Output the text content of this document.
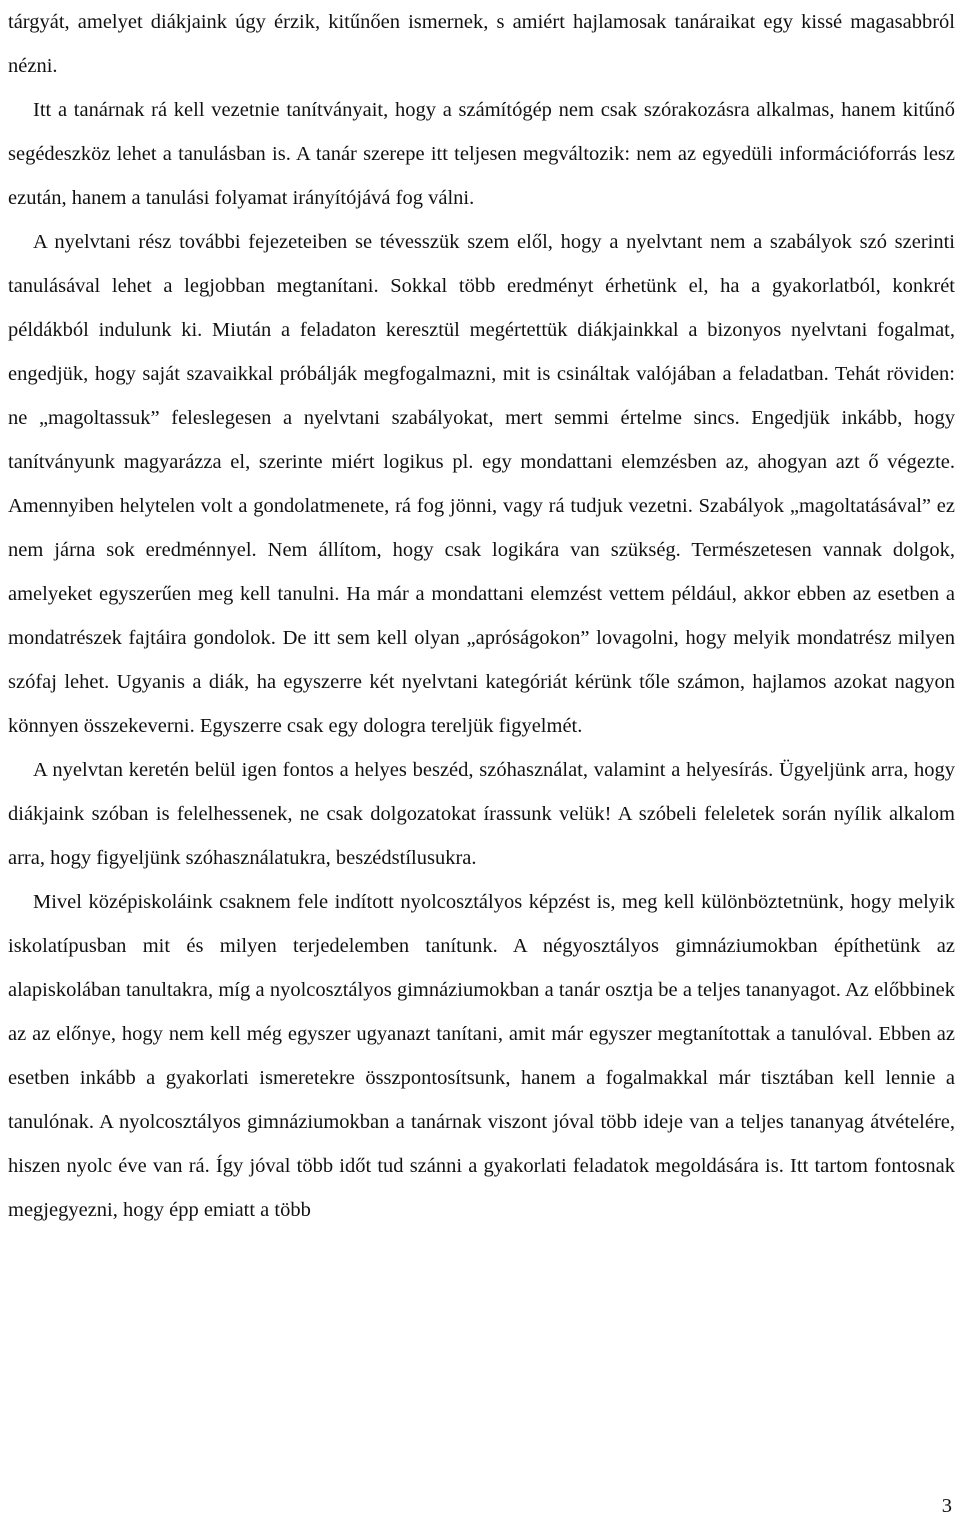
tárgyát, amelyet diákjaink úgy érzik, kitűnően ismernek, s amiért hajlamosak tanáraikat egy kissé magasabbról nézni.

Itt a tanárnak rá kell vezetnie tanítványait, hogy a számítógép nem csak szórakozásra alkalmas, hanem kitűnő segédeszköz lehet a tanulásban is. A tanár szerepe itt teljesen megváltozik: nem az egyedüli információforrás lesz ezután, hanem a tanulási folyamat irányítójává fog válni.

A nyelvtani rész további fejezeteiben se tévesszük szem elől, hogy a nyelvtant nem a szabályok szó szerinti tanulásával lehet a legjobban megtanítani. Sokkal több eredményt érhetünk el, ha a gyakorlatból, konkrét példákból indulunk ki. Miután a feladaton keresztül megértettük diákjainkkal a bizonyos nyelvtani fogalmat, engedjük, hogy saját szavaikkal próbálják megfogalmazni, mit is csináltak valójában a feladatban. Tehát röviden: ne „magoltassuk” feleslegesen a nyelvtani szabályokat, mert semmi értelme sincs. Engedjük inkább, hogy tanítványunk magyarázza el, szerinte miért logikus pl. egy mondattani elemzésben az, ahogyan azt ő végezte. Amennyiben helytelen volt a gondolatmenete, rá fog jönni, vagy rá tudjuk vezetni. Szabályok „magoltatásával” ez nem járna sok eredménnyel. Nem állítom, hogy csak logikára van szükség. Természetesen vannak dolgok, amelyeket egyszerűen meg kell tanulni. Ha már a mondattani elemzést vettem például, akkor ebben az esetben a mondatrészek fajtáira gondolok. De itt sem kell olyan „apróságokon” lovagolni, hogy melyik mondatrész milyen szófaj lehet. Ugyanis a diák, ha egyszerre két nyelvtani kategóriát kérünk tőle számon, hajlamos azokat nagyon könnyen összekeverni. Egyszerre csak egy dologra tereljük figyelmét.

A nyelvtan keretén belül igen fontos a helyes beszéd, szóhasználat, valamint a helyesírás. Ügyeljünk arra, hogy diákjaink szóban is felelhessenek, ne csak dolgozatokat írassunk velük! A szóbeli feleletek során nyílik alkalom arra, hogy figyeljünk szóhasználatukra, beszédstílusukra.

Mivel középiskoláink csaknem fele indított nyolcosztályos képzést is, meg kell különböztetnünk, hogy melyik iskolatípusban mit és milyen terjedelemben tanítunk. A négyosztályos gimnáziumokban építhetünk az alapiskolában tanultakra, míg a nyolcosztályos gimnáziumokban a tanár osztja be a teljes tananyagot. Az előbbinek az az előnye, hogy nem kell még egyszer ugyanazt tanítani, amit már egyszer megtanítottak a tanulóval. Ebben az esetben inkább a gyakorlati ismeretekre összpontosítsunk, hanem a fogalmakkal már tisztában kell lennie a tanulónak. A nyolcosztályos gimnáziumokban a tanárnak viszont jóval több ideje van a teljes tananyag átvételére, hiszen nyolc éve van rá. Így jóval több időt tud szánni a gyakorlati feladatok megoldására is. Itt tartom fontosnak megjegyezni, hogy épp emiatt a több

3
